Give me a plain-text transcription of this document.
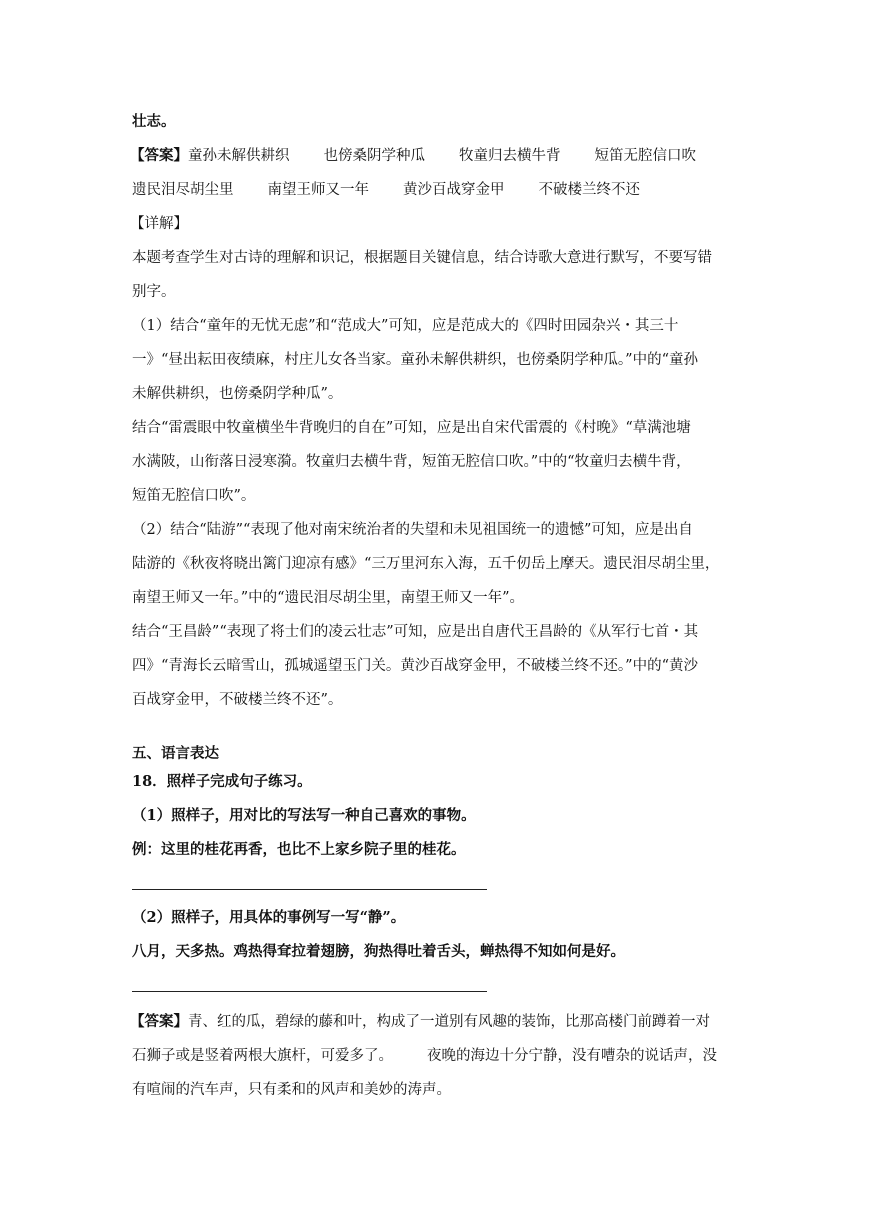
壮志。
【答案】童孙未解供耕织 也傍桑阴学种瓜 牧童归去横牛背 短笛无腔信口吹
遗民泪尽胡尘里 南望王师又一年 黄沙百战穿金甲 不破楼兰终不还
【详解】
本题考查学生对古诗的理解和识记，根据题目关键信息，结合诗歌大意进行默写，不要写错
别字。
（1）结合“童年的无忧无虑”和“范成大”可知，应是范成大的《四时田园杂兴・其三十
一》“昼出耘田夜绩麻，村庄儿女各当家。童孙未解供耕织，也傍桑阴学种瓜。”中的“童孙
未解供耕织，也傍桑阴学种瓜”。
结合“雷震眼中牧童横坐牛背晚归的自在”可知，应是出自宋代雷震的《村晚》“草满池塘
水满陂，山衔落日浸寒漪。牧童归去横牛背，短笛无腔信口吹。”中的“牧童归去横牛背，
短笛无腔信口吹”。
（2）结合“陆游”“表现了他对南宋统治者的失望和未见祖国统一的遗憾”可知，应是出自
陆游的《秋夜将晓出篱门迎凉有感》“三万里河东入海，五千仞岳上摩天。遗民泪尽胡尘里，
南望王师又一年。”中的“遗民泪尽胡尘里，南望王师又一年”。
结合“王昌龄”“表现了将士们的凌云壮志”可知，应是出自唐代王昌龄的《从军行七首・其
四》“青海长云暗雪山，孤城遥望玉门关。黄沙百战穿金甲，不破楼兰终不还。”中的“黄沙
百战穿金甲，不破楼兰终不还”。
五、语言表达
18．照样子完成句子练习。
（1）照样子，用对比的写法写一种自己喜欢的事物。
例：这里的桂花再香，也比不上家乡院子里的桂花。
（2）照样子，用具体的事例写一写“静”。
八月，天多热。鸡热得耷拉着翅膀，狗热得吐着舌头，蝉热得不知如何是好。
【答案】青、红的瓜，碧绿的藤和叶，构成了一道别有风趣的装饰，比那高楼门前蹲着一对
石狮子或是竖着两根大旗杆，可爱多了。 夜晚的海边十分宁静，没有嘈杂的说话声，没
有喧闹的汽车声，只有柔和的风声和美妙的涛声。
